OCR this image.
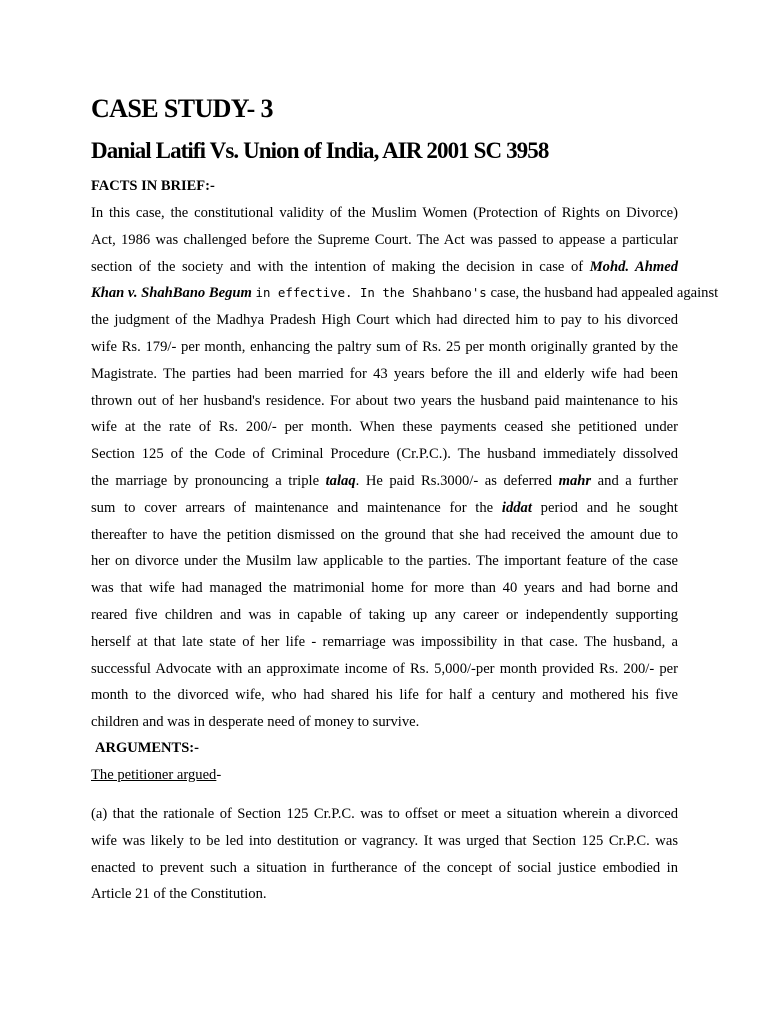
CASE STUDY- 3
Danial Latifi Vs. Union of India, AIR 2001 SC 3958
FACTS IN BRIEF:-
In this case, the constitutional validity of the Muslim Women (Protection of Rights on Divorce)
Act, 1986 was challenged before the Supreme Court. The Act was passed to appease a particular
section of the society and with the intention of making the decision in case of Mohd. Ahmed
Khan v. ShahBano Begum in effective. In the Shahbano's case, the husband had appealed against
the judgment of the Madhya Pradesh High Court which had directed him to pay to his divorced
wife Rs. 179/- per month, enhancing the paltry sum of Rs. 25 per month originally granted by the
Magistrate. The parties had been married for 43 years before the ill and elderly wife had been
thrown out of her husband's residence. For about two years the husband paid maintenance to his
wife at the rate of Rs. 200/- per month. When these payments ceased she petitioned under
Section 125 of the Code of Criminal Procedure (Cr.P.C.). The husband immediately dissolved
the marriage by pronouncing a triple talaq. He paid Rs.3000/- as deferred mahr and a further
sum to cover arrears of maintenance and maintenance for the iddat period and he sought
thereafter to have the petition dismissed on the ground that she had received the amount due to
her on divorce under the Musilm law applicable to the parties. The important feature of the case
was that wife had managed the matrimonial home for more than 40 years and had borne and
reared five children and was in capable of taking up any career or independently supporting
herself at that late state of her life - remarriage was impossibility in that case. The husband, a
successful Advocate with an approximate income of Rs. 5,000/-per month provided Rs. 200/- per
month to the divorced wife, who had shared his life for half a century and mothered his five
children and was in desperate need of money to survive.
ARGUMENTS:-
The petitioner argued-
(a) that the rationale of Section 125 Cr.P.C. was to offset or meet a situation wherein a divorced
wife was likely to be led into destitution or vagrancy. It was urged that Section 125 Cr.P.C. was
enacted to prevent such a situation in furtherance of the concept of social justice embodied in
Article 21 of the Constitution.
